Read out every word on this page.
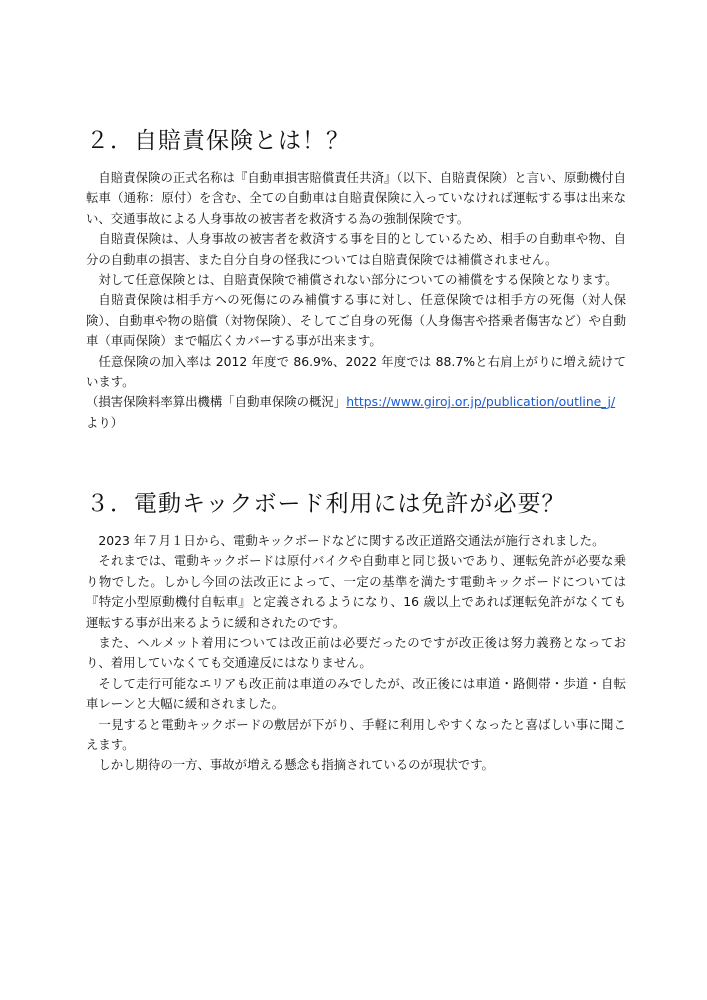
２．自賠責保険とは！？

自賠責保険の正式名称は『自動車損害賠償責任共済』（以下、自賠責保険）と言い、原動機付自転車（通称：原付）を含む、全ての自動車は自賠責保険に入っていなければ運転する事は出来ない、交通事故による人身事故の被害者を救済する為の強制保険です。

自賠責保険は、人身事故の被害者を救済する事を目的としているため、相手の自動車や物、自分の自動車の損害、また自分自身の怪我については自賠責保険では補償されません。

対して任意保険とは、自賠責保険で補償されない部分についての補償をする保険となります。

自賠責保険は相手方への死傷にのみ補償する事に対し、任意保険では相手方の死傷（対人保険）、自動車や物の賠償（対物保険）、そしてご自身の死傷（人身傷害や搭乗者傷害など）や自動車（車両保険）まで幅広くカバーする事が出来ます。

任意保険の加入率は 2012 年度で 86.9%、2022 年度では 88.7%と右肩上がりに増え続けています。

（損害保険料率算出機構「自動車保険の概況」https://www.giroj.or.jp/publication/outline_j/より）

３．電動キックボード利用には免許が必要？

2023 年７月１日から、電動キックボードなどに関する改正道路交通法が施行されました。

それまでは、電動キックボードは原付バイクや自動車と同じ扱いであり、運転免許が必要な乗り物でした。しかし今回の法改正によって、一定の基準を満たす電動キックボードについては『特定小型原動機付自転車』と定義されるようになり、16 歳以上であれば運転免許がなくても運転する事が出来るように緩和されたのです。

また、ヘルメット着用については改正前は必要だったのですが改正後は努力義務となっており、着用していなくても交通違反にはなりません。

そして走行可能なエリアも改正前は車道のみでしたが、改正後には車道・路側帯・歩道・自転車レーンと大幅に緩和されました。

一見すると電動キックボードの敷居が下がり、手軽に利用しやすくなったと喜ばしい事に聞こえます。

しかし期待の一方、事故が増える懸念も指摘されているのが現状です。
